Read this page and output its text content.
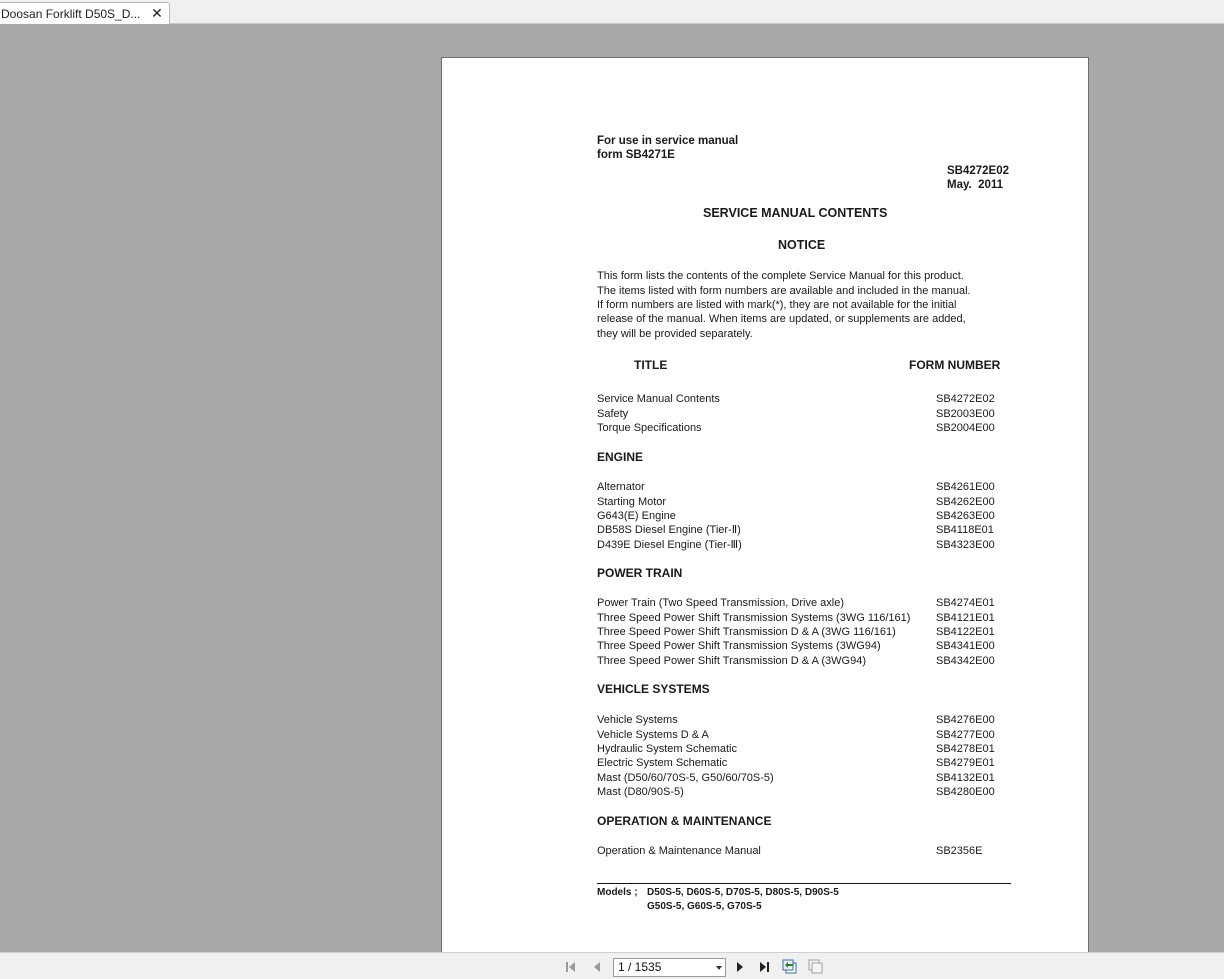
Doosan Forklift D50S_D... ✕
For use in service manual
form SB4271E
SB4272E02
May.  2011
SERVICE MANUAL CONTENTS
NOTICE
This form lists the contents of the complete Service Manual for this product.
The items listed with form numbers are available and included in the manual.
If form numbers are listed with mark(*), they are not available for the initial
release of the manual. When items are updated, or supplements are added,
they will be provided separately.
TITLE	FORM NUMBER
Service Manual Contents	SB4272E02
Safety	SB2003E00
Torque Specifications	SB2004E00
ENGINE
Alternator	SB4261E00
Starting Motor	SB4262E00
G643(E) Engine	SB4263E00
DB58S Diesel Engine (Tier-Ⅱ)	SB4118E01
D439E Diesel Engine (Tier-Ⅲ)	SB4323E00
POWER TRAIN
Power Train (Two Speed Transmission, Drive axle)	SB4274E01
Three Speed Power Shift Transmission Systems (3WG 116/161) SB4121E01
Three Speed Power Shift Transmission D & A (3WG 116/161)	SB4122E01
Three Speed Power Shift Transmission Systems (3WG94)	SB4341E00
Three Speed Power Shift Transmission D & A (3WG94)	SB4342E00
VEHICLE SYSTEMS
Vehicle Systems	SB4276E00
Vehicle Systems D & A	SB4277E00
Hydraulic System Schematic	SB4278E01
Electric System Schematic	SB4279E01
Mast (D50/60/70S-5, G50/60/70S-5)	SB4132E01
Mast (D80/90S-5)	SB4280E00
OPERATION & MAINTENANCE
Operation & Maintenance Manual	SB2356E
Models ; D50S-5, D60S-5, D70S-5, D80S-5, D90S-5
G50S-5, G60S-5, G70S-5
1 / 1535
